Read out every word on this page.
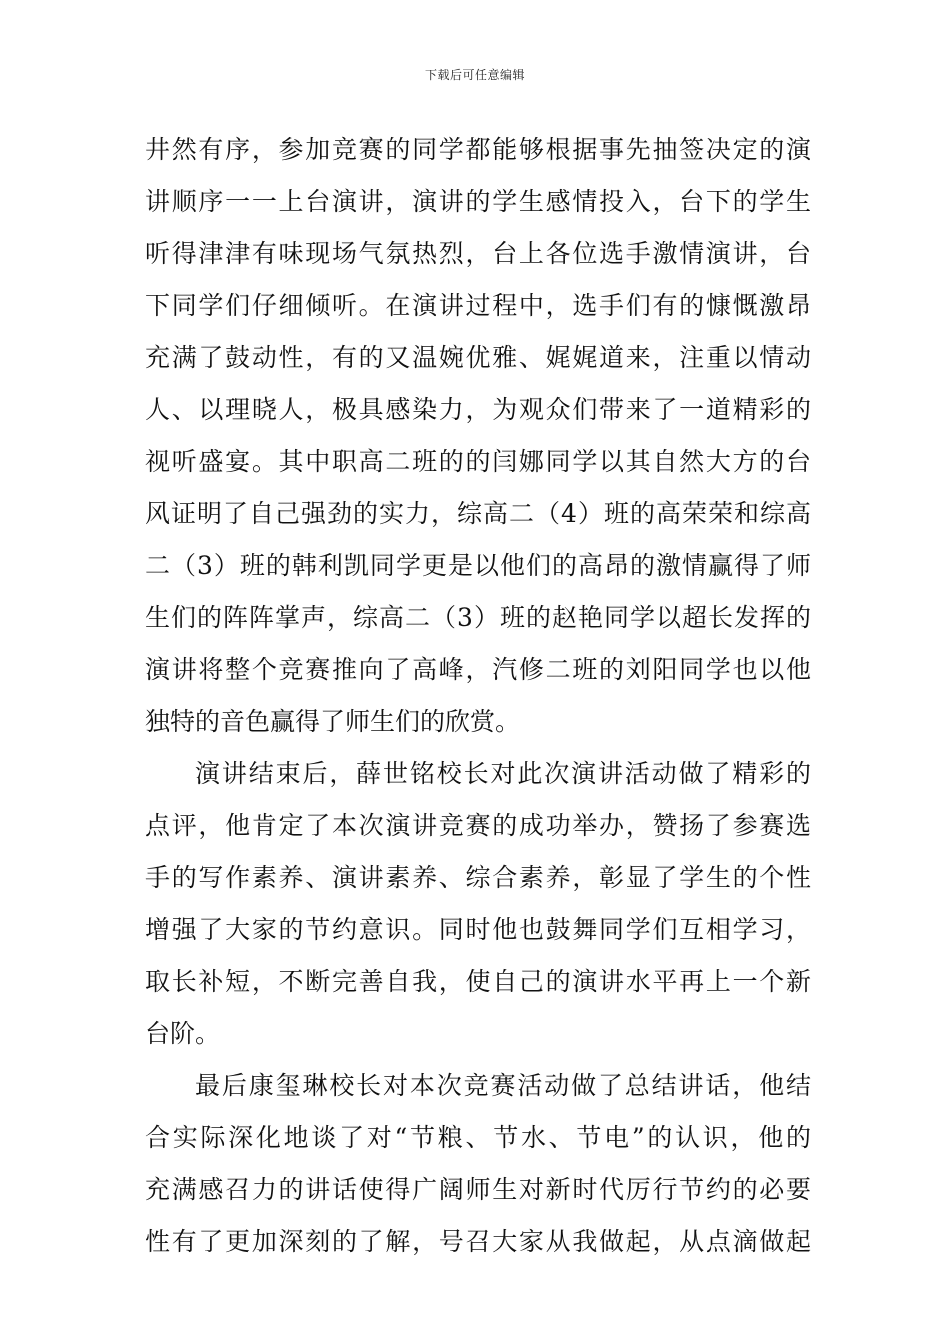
下载后可任意编辑
井然有序，参加竞赛的同学都能够根据事先抽签决定的演
讲顺序一一上台演讲，演讲的学生感情投入，台下的学生
听得津津有味现场气氛热烈，台上各位选手激情演讲，台
下同学们仔细倾听。在演讲过程中，选手们有的慷慨激昂
充满了鼓动性，有的又温婉优雅、娓娓道来，注重以情动
人、以理晓人，极具感染力，为观众们带来了一道精彩的
视听盛宴。其中职高二班的的闫娜同学以其自然大方的台
风证明了自己强劲的实力，综高二（4）班的高荣荣和综高
二（3）班的韩利凯同学更是以他们的高昂的激情赢得了师
生们的阵阵掌声，综高二（3）班的赵艳同学以超长发挥的
演讲将整个竞赛推向了高峰，汽修二班的刘阳同学也以他
独特的音色赢得了师生们的欣赏。
演讲结束后，薛世铭校长对此次演讲活动做了精彩的
点评，他肯定了本次演讲竞赛的成功举办，赞扬了参赛选
手的写作素养、演讲素养、综合素养，彰显了学生的个性
增强了大家的节约意识。同时他也鼓舞同学们互相学习，
取长补短，不断完善自我，使自己的演讲水平再上一个新
台阶。
最后康玺琳校长对本次竞赛活动做了总结讲话，他结
合实际深化地谈了对“节粮、节水、节电”的认识，他的
充满感召力的讲话使得广阔师生对新时代厉行节约的必要
性有了更加深刻的了解，号召大家从我做起，从点滴做起
